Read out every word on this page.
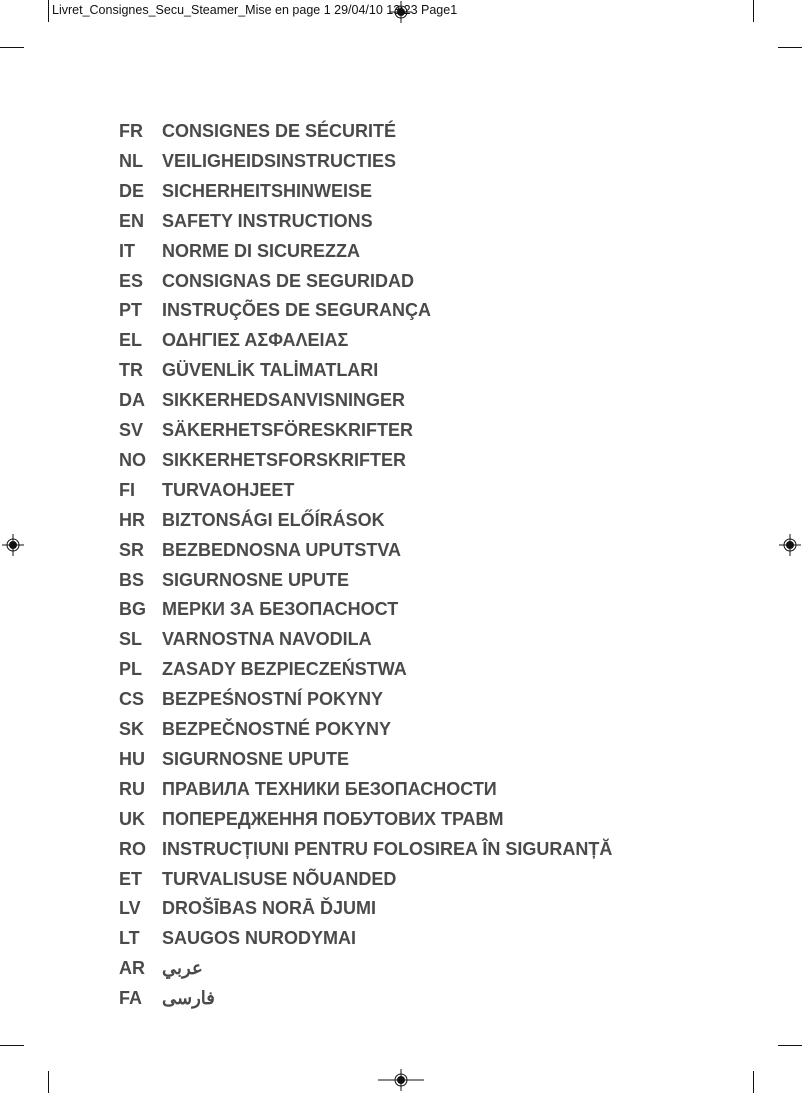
Livret_Consignes_Secu_Steamer_Mise en page 1 29/04/10 13:23 Page1
FR CONSIGNES DE SÉCURITÉ
NL VEILIGHEIDSINSTRUCTIES
DE SICHERHEITSHINWEISE
EN SAFETY INSTRUCTIONS
IT NORME DI SICUREZZA
ES CONSIGNAS DE SEGURIDAD
PT INSTRUÇÕES DE SEGURANÇA
EL ΟΔΗΓΙΕΣ ΑΣΦΑΛΕΙΑΣ
TR GÜVENLİK TALİMATLARI
DA SIKKERHEDSANVISNINGER
SV SÄKERHETSFÖRESKRIFTER
NO SIKKERHETSFORSKRIFTER
FI TURVAOHJEET
HR BIZTONSÁGI ELŐÍRÁSOK
SR BEZBEDNOSNA UPUTSTVA
BS SIGURNOSNE UPUTE
BG МЕРКИ ЗА БЕЗОПАСНОСТ
SL VARNOSTNA NAVODILA
PL ZASADY BEZPIECZEŃSTWA
CS BEZPEŚNOSTNÍ POKYNY
SK BEZPEČNOSTNÉ POKYNY
HU SIGURNOSNE UPUTE
RU ПРАВИЛА ТЕХНИКИ БЕЗОПАСНОСТИ
UK ПОПЕРЕДЖЕННЯ ПОБУТОВИХ ТРАВМ
RO INSTRUCȚIUNI PENTRU FOLOSIREA ÎN SIGURANȚĂ
ET TURVALISUSE NÕUANDED
LV DROŠĪBAS NORĀ ĎJUMI
LT SAUGOS NURODYMAI
AR عربي
FA فارسی
